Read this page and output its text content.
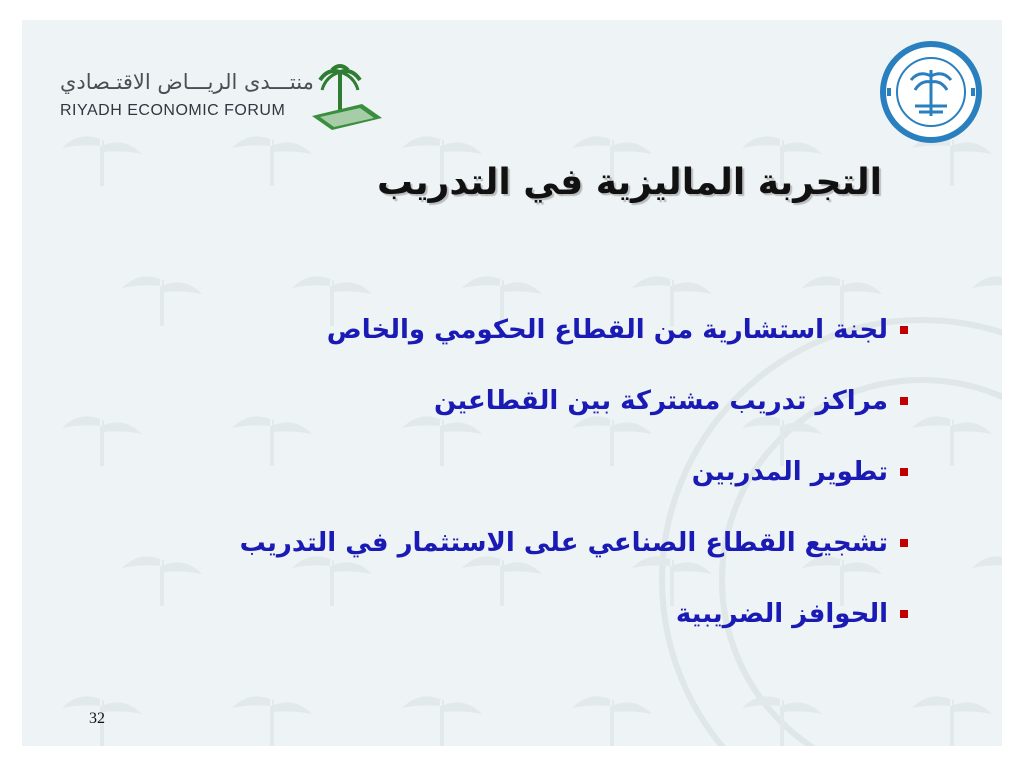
منتـــدى الريـــاض الاقتـصادي
RIYADH ECONOMIC FORUM
التجربة الماليزية في التدريب
لجنة استشارية من القطاع الحكومي والخاص
مراكز تدريب مشتركة بين القطاعين
تطوير المدربين
تشجيع القطاع الصناعي على الاستثمار في التدريب
الحوافز الضريبية
32
